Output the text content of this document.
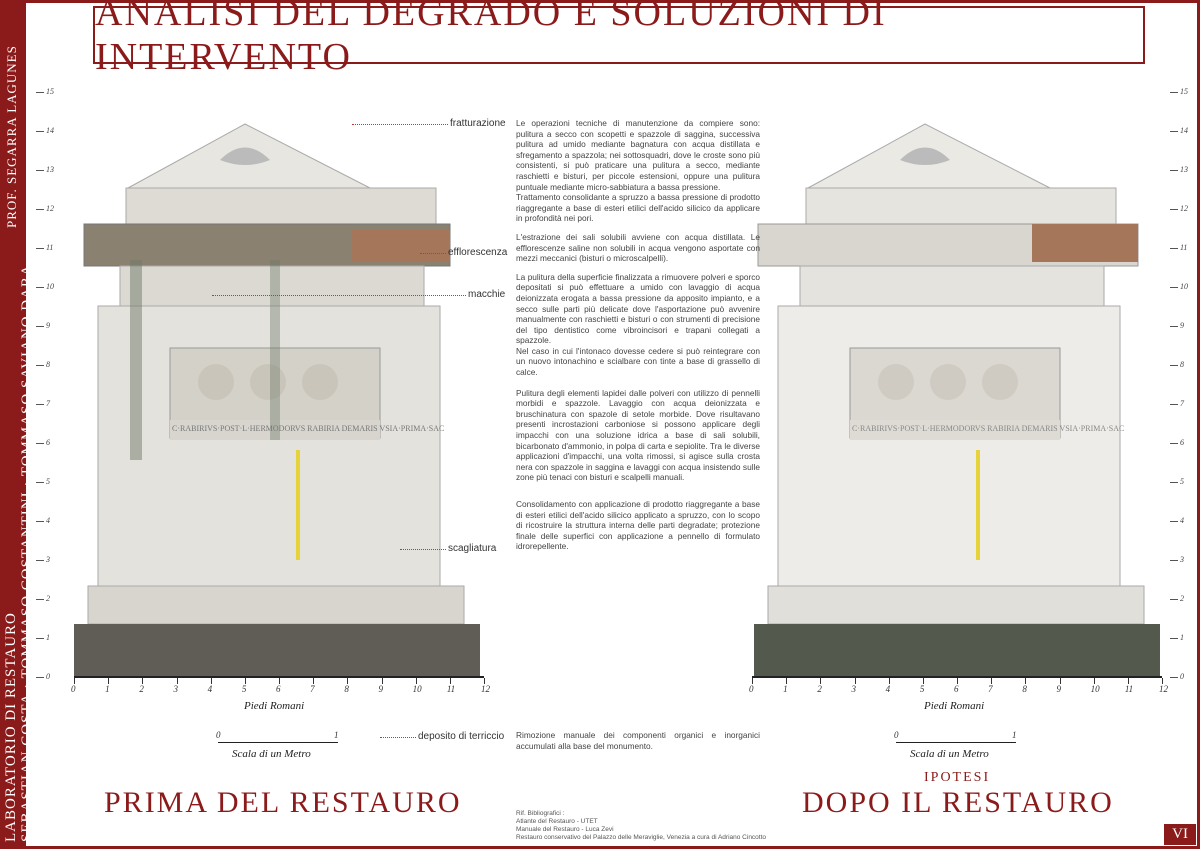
PROF. SEGARRA LAGUNES
LABORATORIO DI RESTAURO SEBASTIAN COSTA · TOMMASO COSTANTINI · TOMMASO SAVIANO DARA
ANALISI DEL DEGRADO E SOLUZIONI DI INTERVENTO
0
1
2
3
4
5
6
7
8
9
10
11
12
13
14
15
0
1
2
3
4
5
6
7
8
9
10
11
12
13
14
15
C·RABIRIVS·POST·L·HERMODORVS RABIRIA DEMARIS VSIA·PRIMA·SAC	C·RABIRIVS·POST·L·HERMODORVS RABIRIA DEMARIS VSIA·PRIMA·SAC
0	1	2	3	4	5	6	7	8	9	10	11	12	0	1	2	3	4	5	6	7	8	9	10	11	12
Piedi Romani	Piedi Romani
0	1
Scala di un Metro
0	1
Scala di un Metro
fratturazione
efflorescenza
macchie
scagliatura
deposito di terriccio

Le operazioni tecniche di manutenzione da compiere sono: pulitura a secco con scopetti e spazzole di saggina, successiva pulitura ad umido mediante bagnatura con acqua distillata e sfregamento a spazzola; nei sottosquadri, dove le croste sono più consistenti, si può praticare una pulitura a secco, mediante raschietti e bisturi, per piccole estensioni, oppure una pulitura puntuale mediante micro-sabbiatura a bassa pressione.

Trattamento consolidante a spruzzo a bassa pressione di prodotto riaggregante a base di esteri etilici dell'acido silicico da applicare in profondità nei pori.

L'estrazione dei sali solubili avviene con acqua distillata. Le efflorescenze saline non solubili in acqua vengono asportate con mezzi meccanici (bisturi o microscalpelli).

La pulitura della superficie finalizzata a rimuovere polveri e sporco depositati si può effettuare a umido con lavaggio di acqua deionizzata erogata a bassa pressione da apposito impianto, e a secco sulle parti più delicate dove l'asportazione può avvenire manualmente con raschietti e bisturi o con strumenti di precisione del tipo dentistico come vibroincisori e trapani collegati a spazzole.

Nel caso in cui l'intonaco dovesse cedere si può reintegrare con un nuovo intonachino e scialbare con tinte a base di grassello di calce.

Pulitura degli elementi lapidei dalle polveri con utilizzo di pennelli morbidi e spazzole. Lavaggio con acqua deionizzata e bruschinatura con spazole di setole morbide. Dove risultavano presenti incrostazioni carboniose si possono applicare degli impacchi con una soluzione idrica a base di sali solubili, bicarbonato d'ammonio, in polpa di carta e sepiolite. Tra le diverse applicazioni d'impacchi, una volta rimossi, si agisce sulla crosta nera con spazzole in saggina e lavaggi con acqua insistendo sulle zone più tenaci con bisturi e scalpelli manuali.

Consolidamento con applicazione di prodotto riaggregante a base di esteri etilici dell'acido silicico applicato a spruzzo, con lo scopo di ricostruire la struttura interna delle parti degradate; protezione finale delle superfici con applicazione a pennello di formulato idrorepellente.

Rimozione manuale dei componenti organici e inorganici accumulati alla base del monumento.

PRIMA DEL RESTAURO
IPOTESI
DOPO IL RESTAURO
Rif. Bibliografici :
Atlante del Restauro - UTET
Manuale del Restauro - Luca Zevi
Restauro conservativo del Palazzo delle Meraviglie, Venezia a cura di Adriano Cincotto	VI
